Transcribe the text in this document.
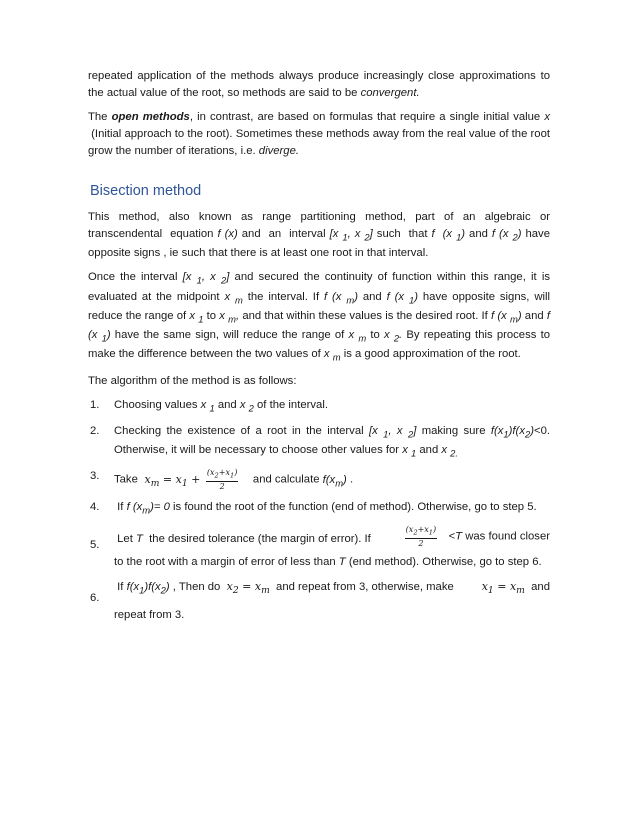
repeated application of the methods always produce increasingly close approximations to the actual value of the root, so methods are said to be convergent.

The open methods, in contrast, are based on formulas that require a single initial value x  (Initial approach to the root). Sometimes these methods away from the real value of the root grow the number of iterations, i.e. diverge.

Bisection method

This method, also known as range partitioning method, part of an algebraic or transcendental  equation f (x) and  an  interval [x $_1$, x $_2$] such  that f (x $_1$) and f (x $_2$) have opposite signs , ie such that there is at least one root in that interval.

Once the interval [x $_1$, x $_2$] and secured the continuity of function within this range, it is evaluated at the midpoint x $_m$ the interval. If f (x $_m$) and f (x $_1$) have opposite signs, will reduce the range of x $_1$ to x $_m$, and that within these values is the desired root. If f (x $_m$) and f (x $_1$) have the same sign, will reduce the range of x $_m$ to x $_2$. By repeating this process to make the difference between the two values of x $_m$ is a good approximation of the root.

The algorithm of the method is as follows:

1.	Choosing values x $_1$ and x $_2$ of the interval.
2.	Checking the existence of a root in the interval [x $_1$, x $_2$] making sure $f(x_1)f(x_2)<0$. Otherwise, it will be necessary to choose other values for x $_1$ and x $_{2.}$
3.	Take  $x_m = x_1 + \frac{(x_2+x_1)}{2}$ and calculate $f(x_m)$ .
4.	If f $(x_m)= 0$ is found the root of the function (end of method). Otherwise, go to step 5.
5.
Let T  the desired tolerance (the margin of error). If	$\frac{(x_2+x_1)}{2} <T$ was found closer
to the root with a margin of error of less than T (end method). Otherwise, go to step 6.
6.
If $f(x_1)f(x_2)$ , Then do  $x_2 = x_m$  and repeat from 3, otherwise, make	$x_1 = x_m$  and
repeat from 3.
